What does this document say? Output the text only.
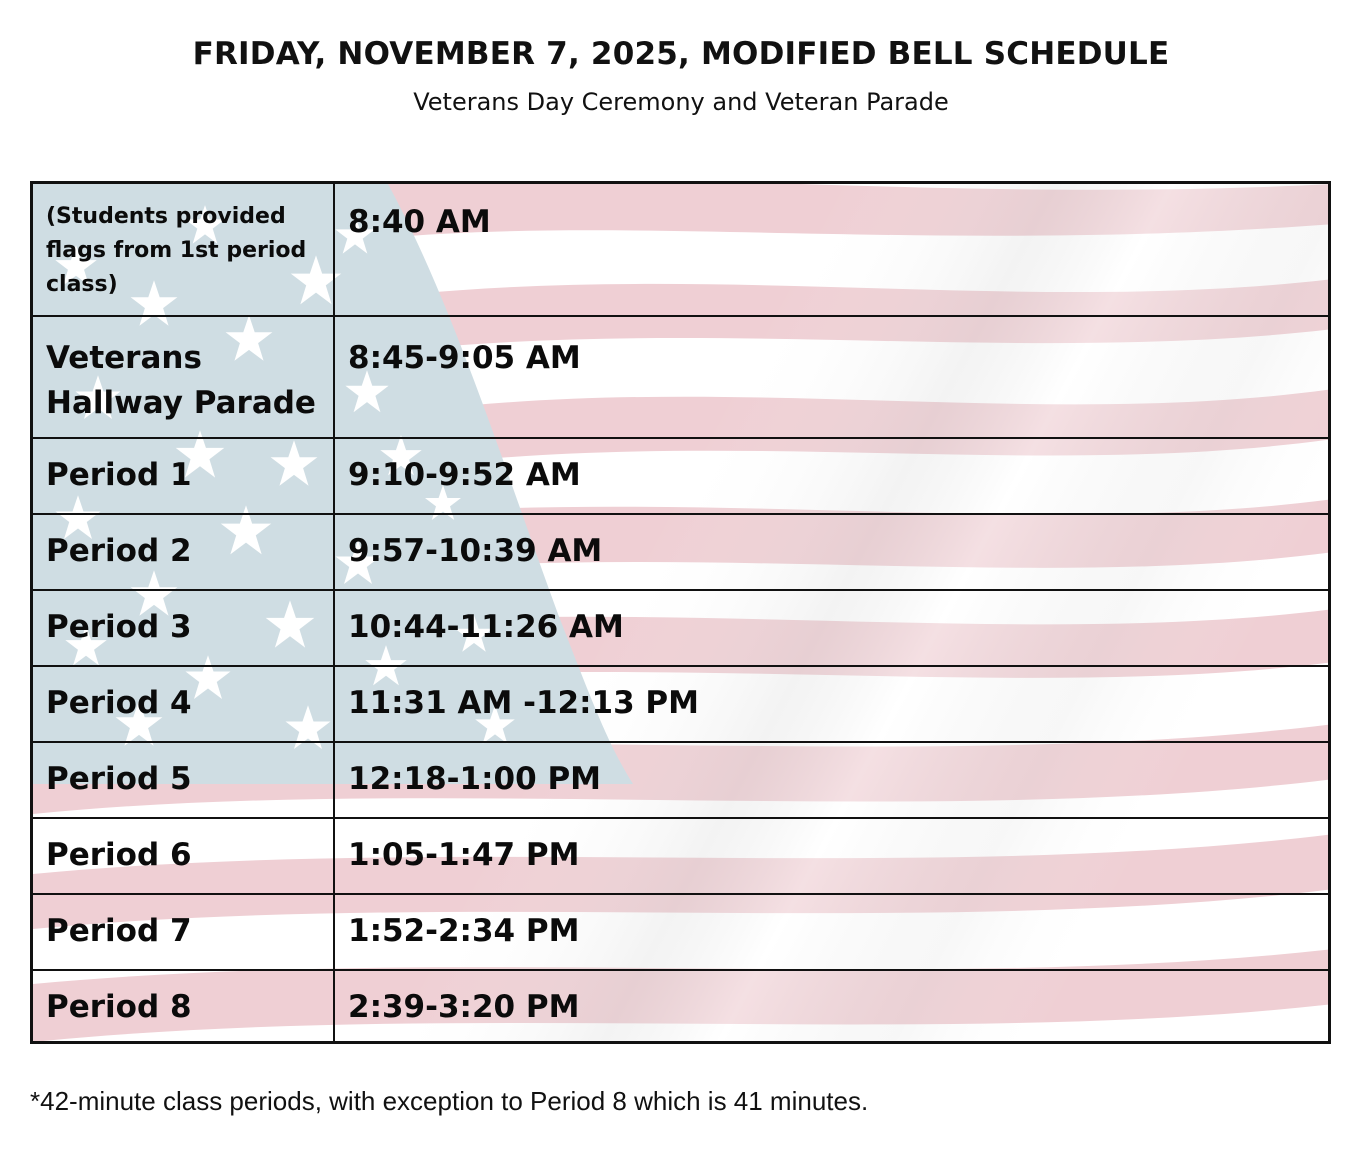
FRIDAY, NOVEMBER 7, 2025, MODIFIED BELL SCHEDULE
Veterans Day Ceremony and Veteran Parade
(Students provided flags from 1st period class)	8:40 AM
Veterans Hallway Parade	8:45-9:05 AM
Period 1	9:10-9:52 AM
Period 2	9:57-10:39 AM
Period 3	10:44-11:26 AM
Period 4	11:31 AM -12:13 PM
Period 5	12:18-1:00 PM
Period 6	1:05-1:47 PM
Period 7	1:52-2:34 PM
Period 8	2:39-3:20 PM
*42-minute class periods, with exception to Period 8 which is 41 minutes.
